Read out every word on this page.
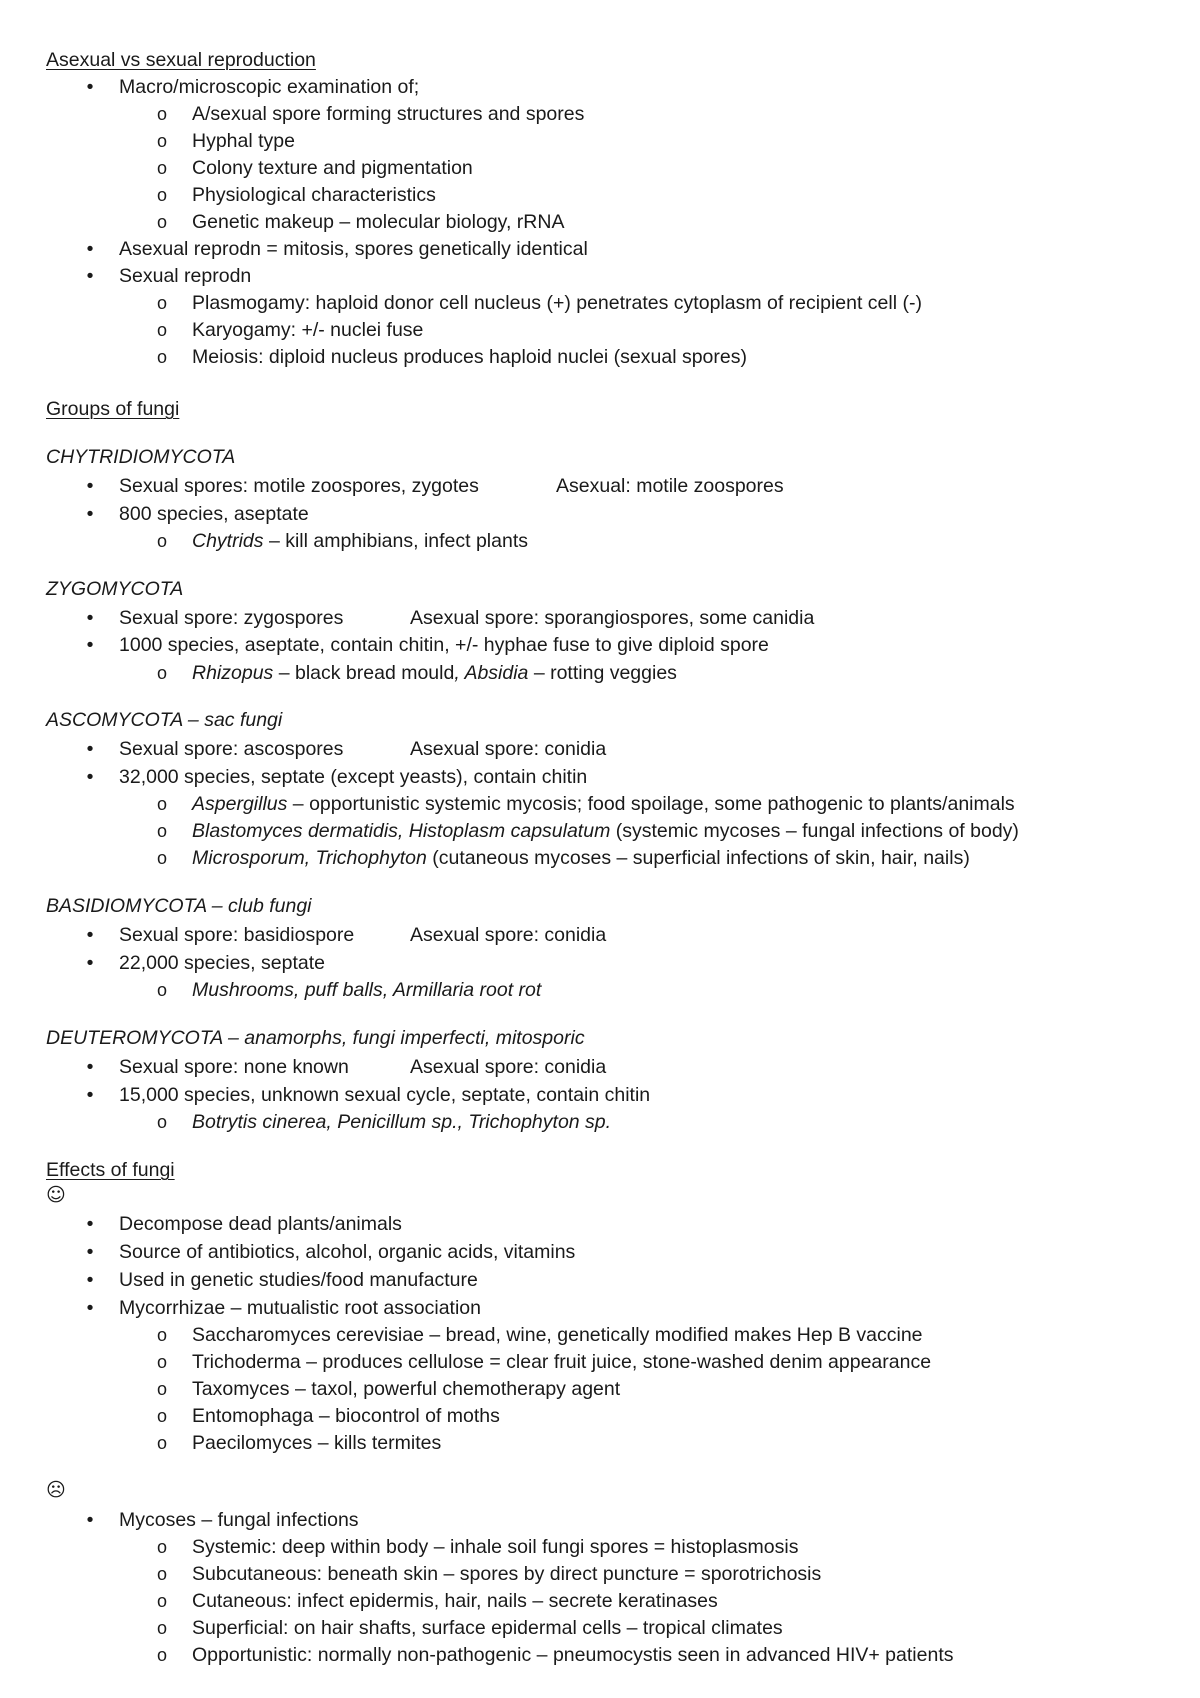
Asexual vs sexual reproduction
•	Macro/microscopic examination of;
o A/sexual spore forming structures and spores
o Hyphal type
o Colony texture and pigmentation
o Physiological characteristics
o Genetic makeup – molecular biology, rRNA
•	Asexual reprodn = mitosis, spores genetically identical
•	Sexual reprodn
o Plasmogamy: haploid donor cell nucleus (+) penetrates cytoplasm of recipient cell (-)
o Karyogamy: +/- nuclei fuse
o Meiosis: diploid nucleus produces haploid nuclei (sexual spores)
Groups of fungi
CHYTRIDIOMYCOTA
•	Sexual spores: motile zoospores, zygotes	Asexual: motile zoospores
•	800 species, aseptate
o Chytrids – kill amphibians, infect plants
ZYGOMYCOTA
•	Sexual spore: zygospores	Asexual spore: sporangiospores, some canidia
•	1000 species, aseptate, contain chitin, +/- hyphae fuse to give diploid spore
o Rhizopus – black bread mould, Absidia – rotting veggies
ASCOMYCOTA – sac fungi
•	Sexual spore: ascospores	Asexual spore: conidia
•	32,000 species, septate (except yeasts), contain chitin
o Aspergillus – opportunistic systemic mycosis; food spoilage, some pathogenic to plants/animals
o Blastomyces dermatidis, Histoplasm capsulatum (systemic mycoses – fungal infections of body)
o Microsporum, Trichophyton (cutaneous mycoses – superficial infections of skin, hair, nails)
BASIDIOMYCOTA – club fungi
•	Sexual spore: basidiospore	Asexual spore: conidia
•	22,000 species, septate
o Mushrooms, puff balls, Armillaria root rot
DEUTEROMYCOTA – anamorphs, fungi imperfecti, mitosporic
•	Sexual spore: none known	Asexual spore: conidia
•	15,000 species, unknown sexual cycle, septate, contain chitin
o Botrytis cinerea, Penicillum sp., Trichophyton sp.
Effects of fungi
☺
•	Decompose dead plants/animals
•	Source of antibiotics, alcohol, organic acids, vitamins
•	Used in genetic studies/food manufacture
•	Mycorrhizae – mutualistic root association
o Saccharomyces cerevisiae – bread, wine, genetically modified makes Hep B vaccine
o Trichoderma – produces cellulose = clear fruit juice, stone-washed denim appearance
o Taxomyces – taxol, powerful chemotherapy agent
o Entomophaga – biocontrol of moths
o Paecilomyces – kills termites
☹
•	Mycoses – fungal infections
o Systemic: deep within body – inhale soil fungi spores = histoplasmosis
o Subcutaneous: beneath skin – spores by direct puncture = sporotrichosis
o Cutaneous: infect epidermis, hair, nails – secrete keratinases
o Superficial: on hair shafts, surface epidermal cells – tropical climates
o Opportunistic: normally non-pathogenic – pneumocystis seen in advanced HIV+ patients
